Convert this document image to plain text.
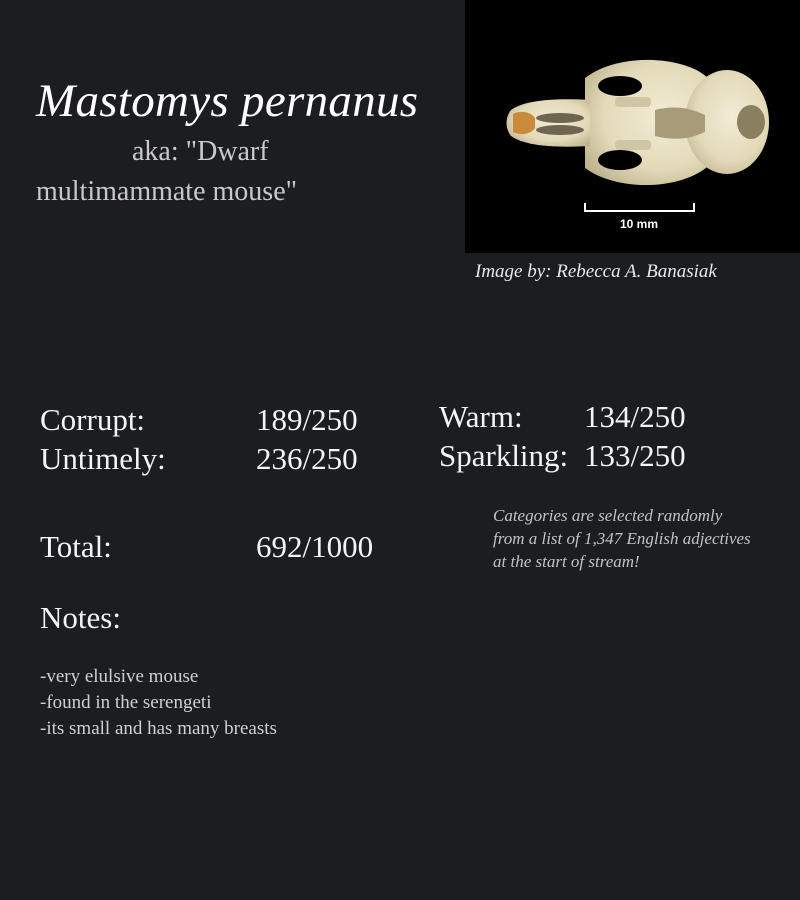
Mastomys pernanus
aka: "Dwarf
multimammate mouse"
10 mm
Image by: Rebecca A. Banasiak
Corrupt:	189/250
Untimely:	236/250
Warm: 134/250
Sparkling: 133/250
Total:	692/1000
Categories are selected randomly from a list of 1,347 English adjectives at the start of stream!
Notes:
-very elulsive mouse
-found in the serengeti
-its small and has many breasts
